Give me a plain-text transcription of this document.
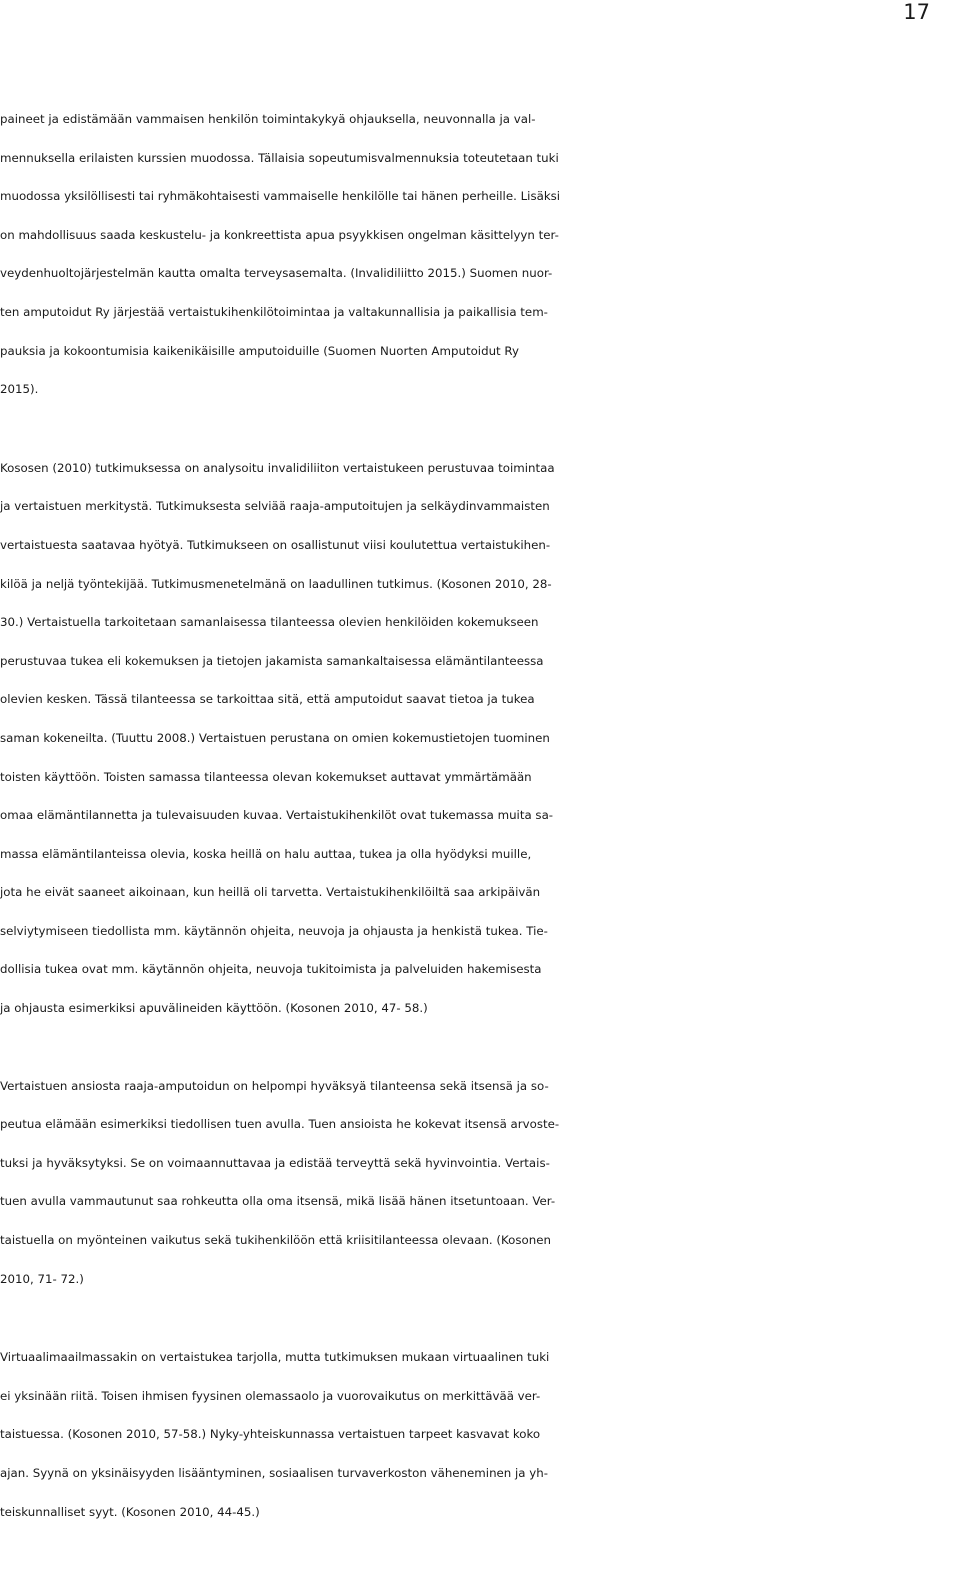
17
paineet ja edistämään vammaisen henkilön toimintakykyä ohjauksella, neuvonnalla ja val-
mennuksella erilaisten kurssien muodossa. Tällaisia sopeutumisvalmennuksia toteutetaan tuki
muodossa yksilöllisesti tai ryhmäkohtaisesti vammaiselle henkilölle tai hänen perheille. Lisäksi
on mahdollisuus saada keskustelu- ja konkreettista apua psyykkisen ongelman käsittelyyn ter-
veydenhuoltojärjestelmän kautta omalta terveysasemalta. (Invalidiliitto 2015.) Suomen nuor-
ten amputoidut Ry järjestää vertaistukihenkilötoimintaa ja valtakunnallisia ja paikallisia tem-
pauksia ja kokoontumisia kaikenikäisille amputoiduille (Suomen Nuorten Amputoidut Ry
2015).
Kososen (2010) tutkimuksessa on analysoitu invalidiliiton vertaistukeen perustuvaa toimintaa
ja vertaistuen merkitystä. Tutkimuksesta selviää raaja-amputoitujen ja selkäydinvammaisten
vertaistuesta saatavaa hyötyä. Tutkimukseen on osallistunut viisi koulutettua vertaistukihen-
kilöä ja neljä työntekijää. Tutkimusmenetelmänä on laadullinen tutkimus. (Kosonen 2010, 28-
30.) Vertaistuella tarkoitetaan samanlaisessa tilanteessa olevien henkilöiden kokemukseen
perustuvaa tukea eli kokemuksen ja tietojen jakamista samankaltaisessa elämäntilanteessa
olevien kesken. Tässä tilanteessa se tarkoittaa sitä, että amputoidut saavat tietoa ja tukea
saman kokeneilta. (Tuuttu 2008.) Vertaistuen perustana on omien kokemustietojen tuominen
toisten käyttöön. Toisten samassa tilanteessa olevan kokemukset auttavat ymmärtämään
omaa elämäntilannetta ja tulevaisuuden kuvaa. Vertaistukihenkilöt ovat tukemassa muita sa-
massa elämäntilanteissa olevia, koska heillä on halu auttaa, tukea ja olla hyödyksi muille,
jota he eivät saaneet aikoinaan, kun heillä oli tarvetta. Vertaistukihenkilöiltä saa arkipäivän
selviytymiseen tiedollista mm. käytännön ohjeita, neuvoja ja ohjausta ja henkistä tukea. Tie-
dollisia tukea ovat mm. käytännön ohjeita, neuvoja tukitoimista ja palveluiden hakemisesta
ja ohjausta esimerkiksi apuvälineiden käyttöön. (Kosonen 2010, 47- 58.)
Vertaistuen ansiosta raaja-amputoidun on helpompi hyväksyä tilanteensa sekä itsensä ja so-
peutua elämään esimerkiksi tiedollisen tuen avulla. Tuen ansioista he kokevat itsensä arvoste-
tuksi ja hyväksytyksi. Se on voimaannuttavaa ja edistää terveyttä sekä hyvinvointia. Vertais-
tuen avulla vammautunut saa rohkeutta olla oma itsensä, mikä lisää hänen itsetuntoaan. Ver-
taistuella on myönteinen vaikutus sekä tukihenkilöön että kriisitilanteessa olevaan. (Kosonen
2010, 71- 72.)
Virtuaalimaailmassakin on vertaistukea tarjolla, mutta tutkimuksen mukaan virtuaalinen tuki
ei yksinään riitä. Toisen ihmisen fyysinen olemassaolo ja vuorovaikutus on merkittävää ver-
taistuessa. (Kosonen 2010, 57-58.) Nyky-yhteiskunnassa vertaistuen tarpeet kasvavat koko
ajan. Syynä on yksinäisyyden lisääntyminen, sosiaalisen turvaverkoston väheneminen ja yh-
teiskunnalliset syyt. (Kosonen 2010, 44-45.)
